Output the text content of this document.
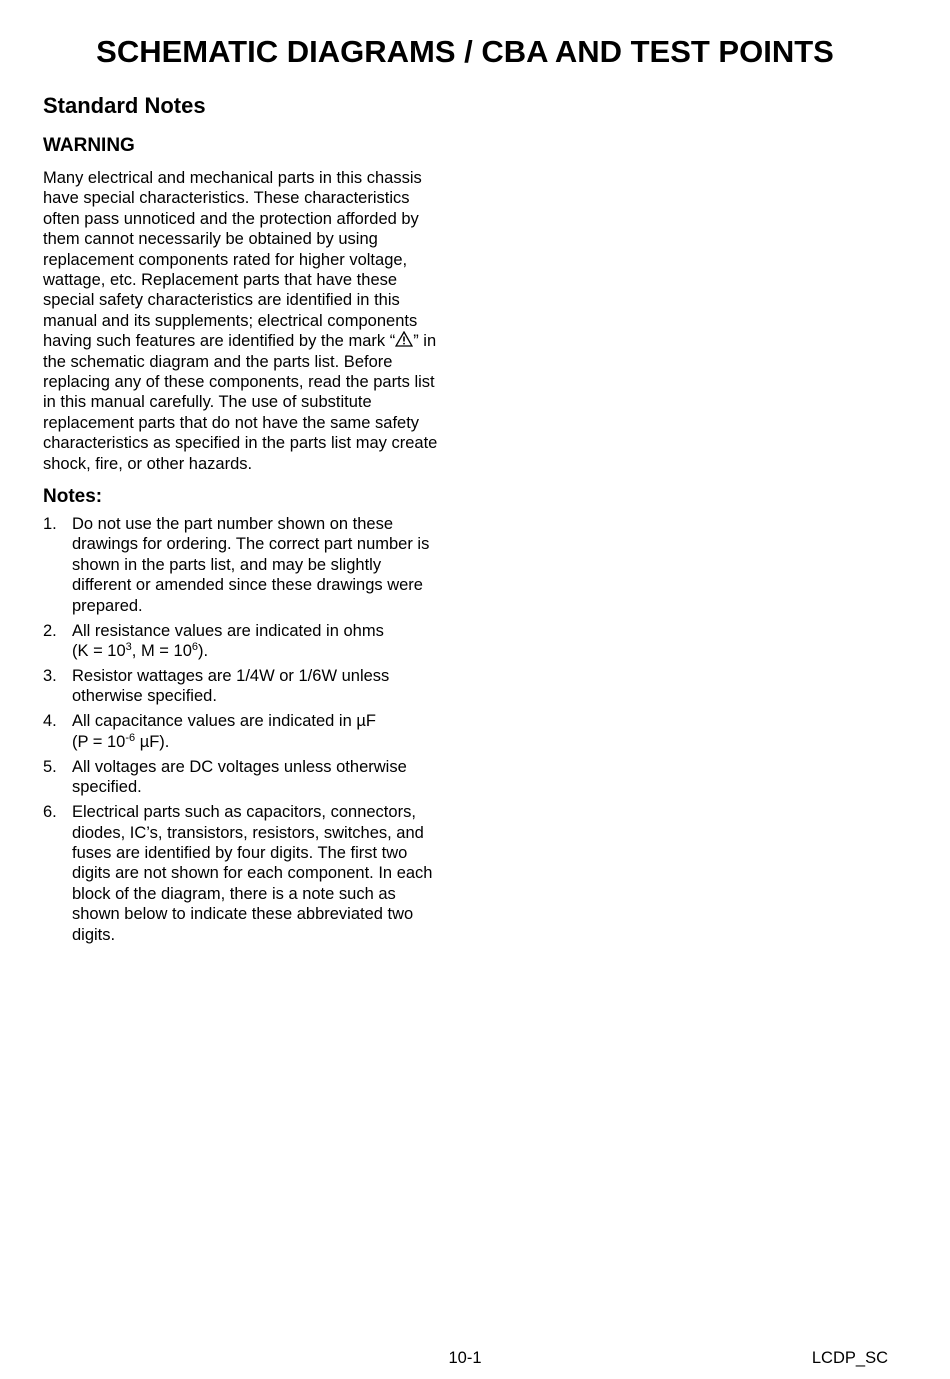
SCHEMATIC DIAGRAMS / CBA AND TEST POINTS
Standard Notes
WARNING
Many electrical and mechanical parts in this chassis
have special characteristics. These characteristics
often pass unnoticed and the protection afforded by
them cannot necessarily be obtained by using
replacement components rated for higher voltage,
wattage, etc. Replacement parts that have these
special safety characteristics are identified in this
manual and its supplements; electrical components
having such features are identified by the mark “ ” in
the schematic diagram and the parts list. Before
replacing any of these components, read the parts list
in this manual carefully. The use of substitute
replacement parts that do not have the same safety
characteristics as specified in the parts list may create
shock, fire, or other hazards.
Notes:
1. Do not use the part number shown on these
drawings for ordering. The correct part number is
shown in the parts list, and may be slightly
different or amended since these drawings were
prepared.
2. All resistance values are indicated in ohms
($K = 10^3$, $M = 10^6$).
3. Resistor wattages are 1/4W or 1/6W unless
otherwise specified.
4. All capacitance values are indicated in µF
($P = 10^{-6}$ µF).
5. All voltages are DC voltages unless otherwise
specified.
6. Electrical parts such as capacitors, connectors,
diodes, IC’s, transistors, resistors, switches, and
fuses are identified by four digits. The first two
digits are not shown for each component. In each
block of the diagram, there is a note such as
shown below to indicate these abbreviated two
digits.
10-1	LCDP_SC
